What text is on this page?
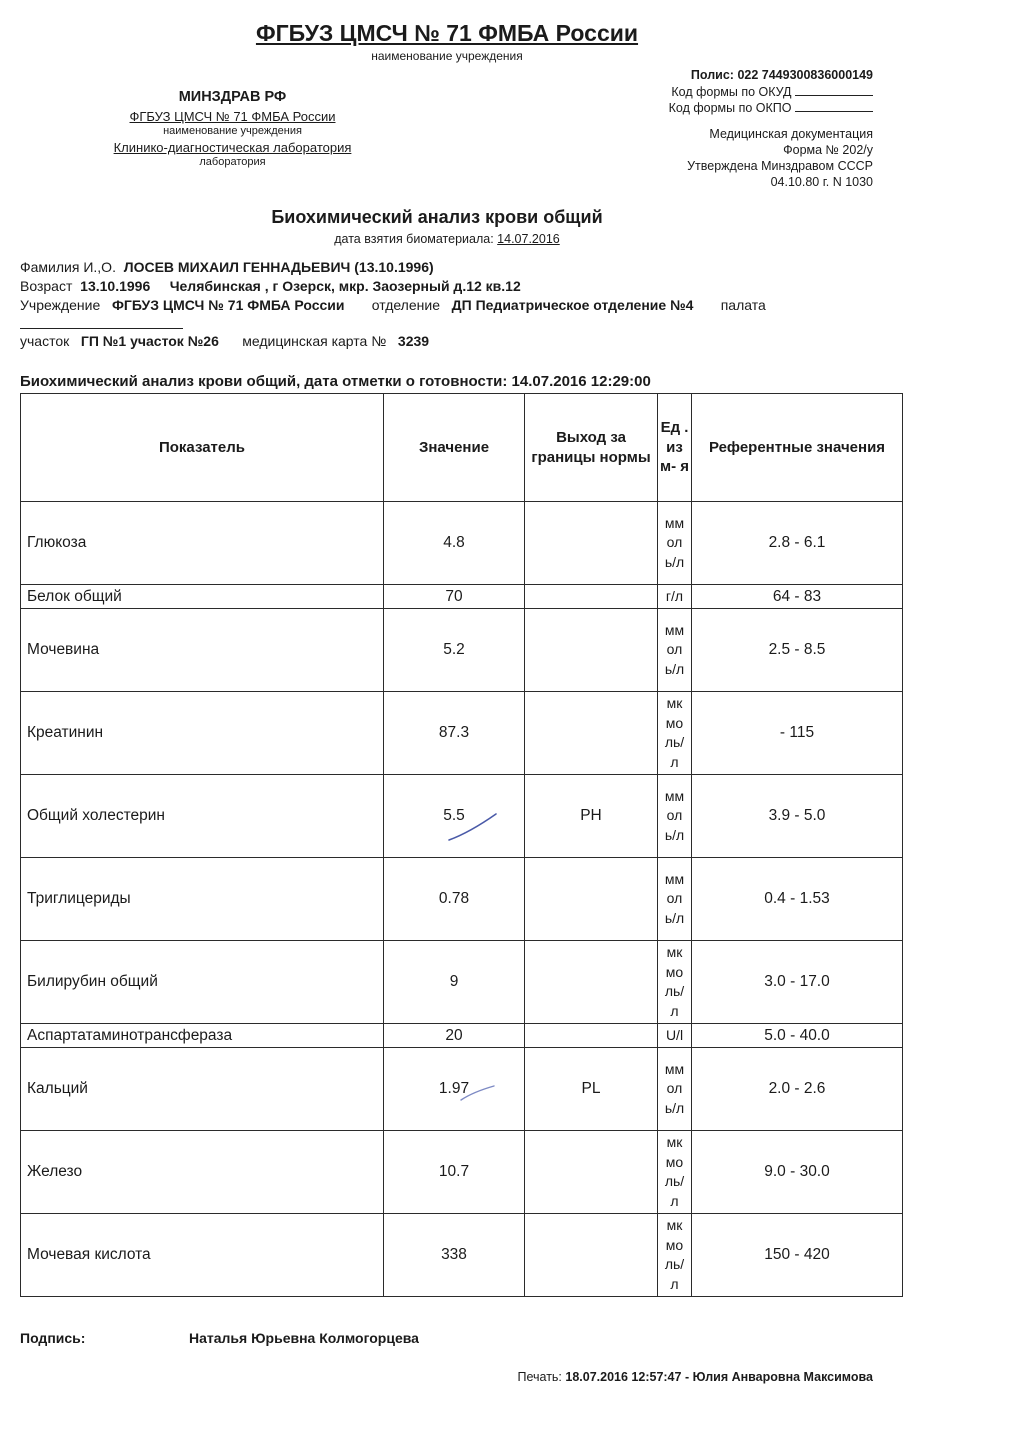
ФГБУЗ ЦМСЧ № 71 ФМБА России
наименование учреждения
МИНЗДРАВ РФ
ФГБУЗ ЦМСЧ № 71 ФМБА России
наименование учреждения
Клинико-диагностическая лаборатория
лаборатория
Полис: 022 7449300836000149
Код формы по ОКУД
Код формы по ОКПО
Медицинская документация
Форма № 202/у
Утверждена Минздравом СССР
04.10.80 г. N 1030
Биохимический анализ крови общий
дата взятия биоматериала: 14.07.2016
Фамилия И.,О. ЛОСЕВ МИХАИЛ ГЕННАДЬЕВИЧ (13.10.1996)
Возраст 13.10.1996 Челябинская , г Озерск, мкр. Заозерный д.12 кв.12
Учреждение ФГБУЗ ЦМСЧ № 71 ФМБА России отделение ДП Педиатрическое отделение №4 палата
участок ГП №1 участок №26 медицинская карта № 3239
Биохимический анализ крови общий, дата отметки о готовности: 14.07.2016 12:29:00
Показатель	Значение	Выход за границы нормы	Ед . из м- я	Референтные значения
Глюкоза	4.8		мм ол ь/л	2.8 - 6.1
Белок общий	70		г/л	64 - 83
Мочевина	5.2		мм ол ь/л	2.5 - 8.5
Креатинин	87.3		мк мо ль/ л	- 115
Общий холестерин	5.5	PH	мм ол ь/л	3.9 - 5.0
Триглицериды	0.78		мм ол ь/л	0.4 - 1.53
Билирубин общий	9		мк мо ль/ л	3.0 - 17.0
Аспартатаминотрансфераза	20		U/l	5.0 - 40.0
Кальций	1.97	PL	мм ол ь/л	2.0 - 2.6
Железо	10.7		мк мо ль/ л	9.0 - 30.0
Мочевая кислота	338		мк мо ль/ л	150 - 420
Подпись:	Наталья Юрьевна Колмогорцева
Печать: 18.07.2016 12:57:47 - Юлия Анваровна Максимова
